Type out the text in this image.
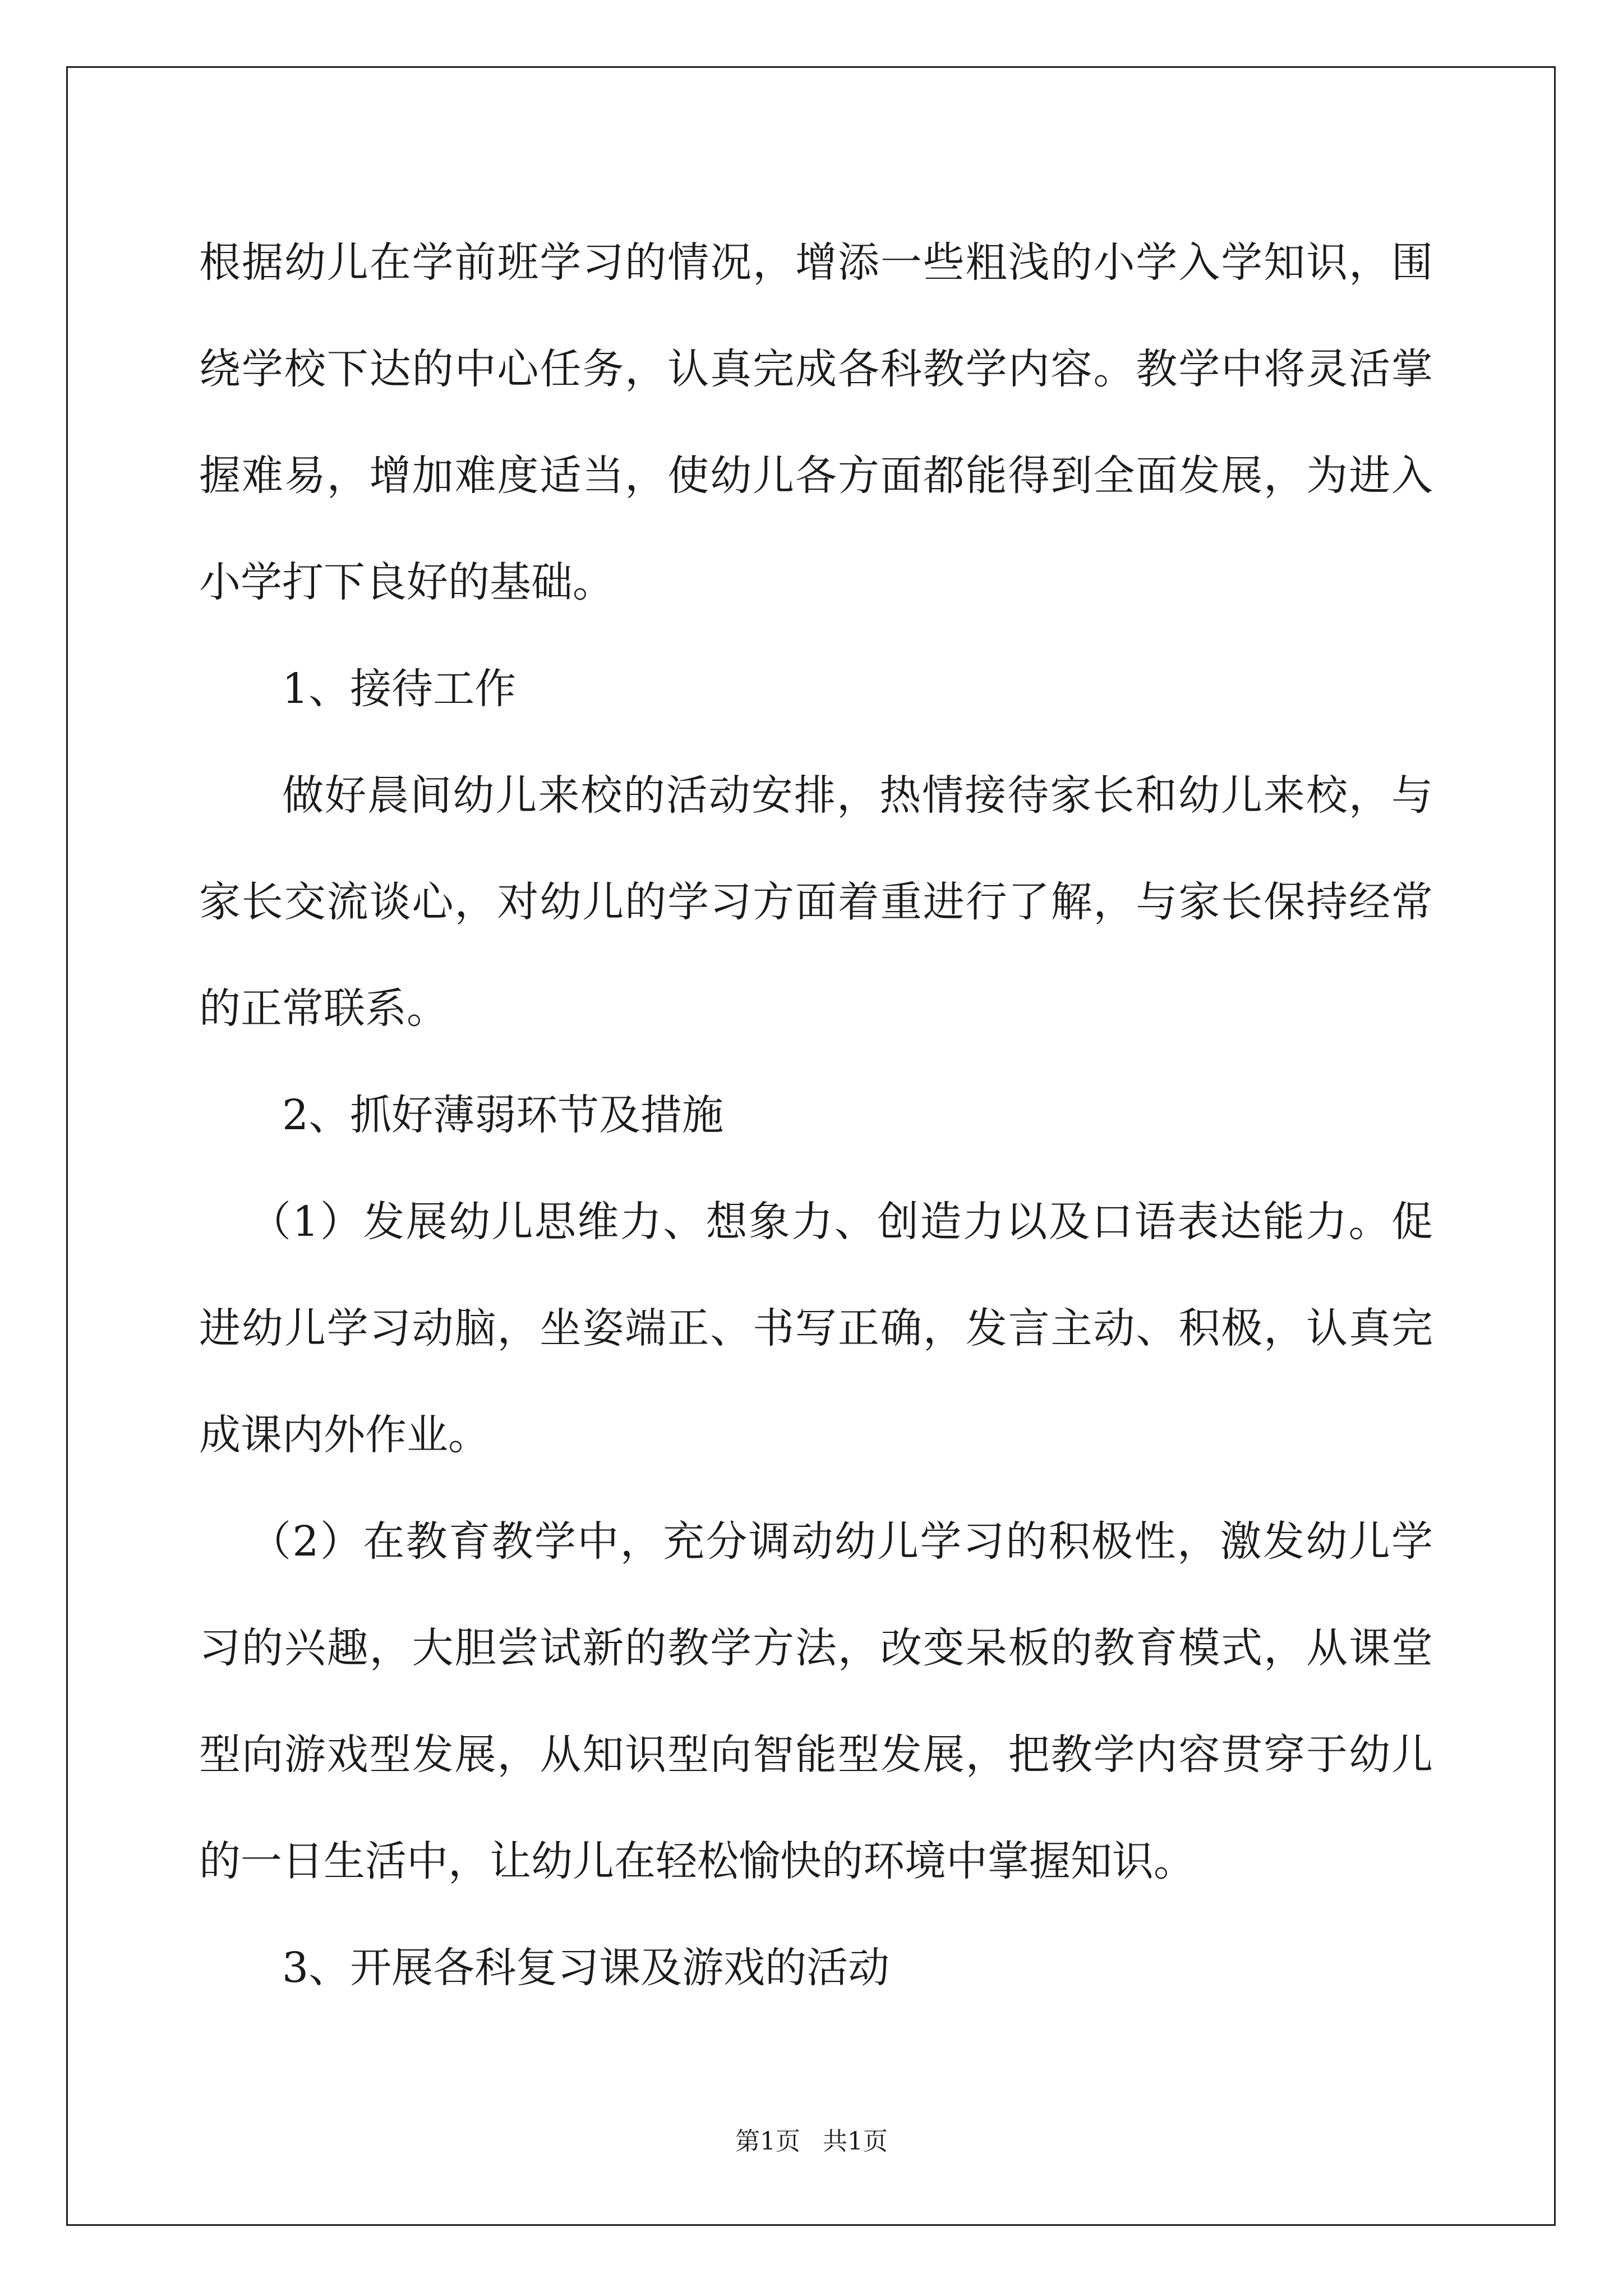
根据幼儿在学前班学习的情况，增添一些粗浅的小学入学知识，围绕学校下达的中心任务，认真完成各科教学内容。教学中将灵活掌握难易，增加难度适当，使幼儿各方面都能得到全面发展，为进入小学打下良好的基础。

1、接待工作

做好晨间幼儿来校的活动安排，热情接待家长和幼儿来校，与家长交流谈心，对幼儿的学习方面着重进行了解，与家长保持经常的正常联系。

2、抓好薄弱环节及措施

（1）发展幼儿思维力、想象力、创造力以及口语表达能力。促进幼儿学习动脑，坐姿端正、书写正确，发言主动、积极，认真完成课内外作业。

（2）在教育教学中，充分调动幼儿学习的积极性，激发幼儿学习的兴趣，大胆尝试新的教学方法，改变呆板的教育模式，从课堂型向游戏型发展，从知识型向智能型发展，把教学内容贯穿于幼儿的一日生活中，让幼儿在轻松愉快的环境中掌握知识。

3、开展各科复习课及游戏的活动

第1页 共1页
